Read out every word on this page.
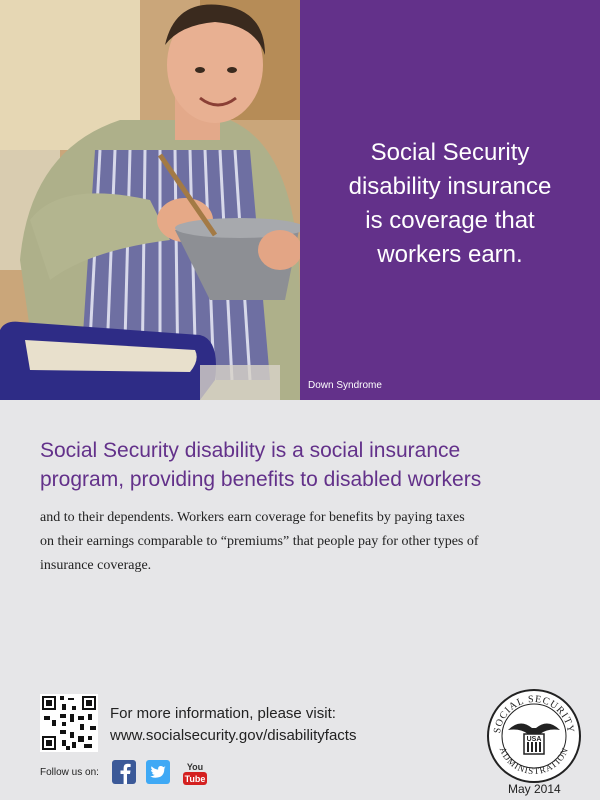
Social Security
disability insurance
is coverage that
workers earn.
Down Syndrome
Social Security disability is a social insurance
program, providing benefits to disabled workers
and to their dependents. Workers earn coverage for benefits by paying taxes
on their earnings comparable to “premiums” that people pay for other types of
insurance coverage.
For more information, please visit:
www.socialsecurity.gov/disabilityfacts
Follow us on:	You
Tube
SOCIAL SECURITY
ADMINISTRATION
USA
May 2014
